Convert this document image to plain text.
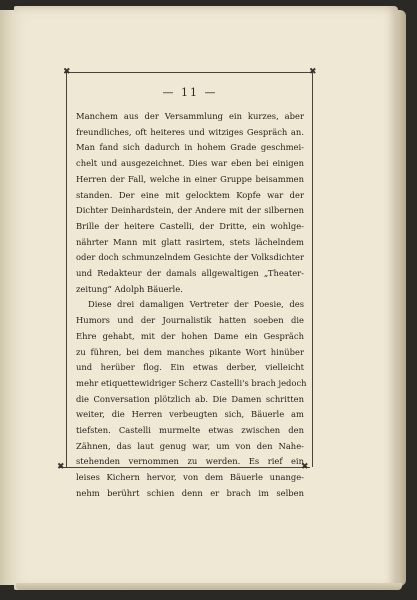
✖	✖
✖	✖
— 11 —
Manchem aus der Versammlung ein kurzes, aber
freundliches, oft heiteres und witziges Gespräch an.
Man fand sich dadurch in hohem Grade geschmei-
chelt und ausgezeichnet. Dies war eben bei einigen
Herren der Fall, welche in einer Gruppe beisammen
standen. Der eine mit gelocktem Kopfe war der
Dichter Deinhardstein, der Andere mit der silbernen
Brille der heitere Castelli, der Dritte, ein wohlge-
nährter Mann mit glatt rasirtem, stets lächelndem
oder doch schmunzelndem Gesichte der Volksdichter
und Redakteur der damals allgewaltigen „Theater-
zeitung“ Adolph Bäuerle.
Diese drei damaligen Vertreter der Poesie, des
Humors und der Journalistik hatten soeben die
Ehre gehabt, mit der hohen Dame ein Gespräch
zu führen, bei dem manches pikante Wort hinüber
und herüber flog. Ein etwas derber, vielleicht
mehr etiquettewidriger Scherz Castelli's brach jedoch
die Conversation plötzlich ab. Die Damen schritten
weiter, die Herren verbeugten sich, Bäuerle am
tiefsten. Castelli murmelte etwas zwischen den
Zähnen, das laut genug war, um von den Nahe-
stehenden vernommen zu werden. Es rief ein
leises Kichern hervor, von dem Bäuerle unange-
nehm berührt schien denn er brach im selben
